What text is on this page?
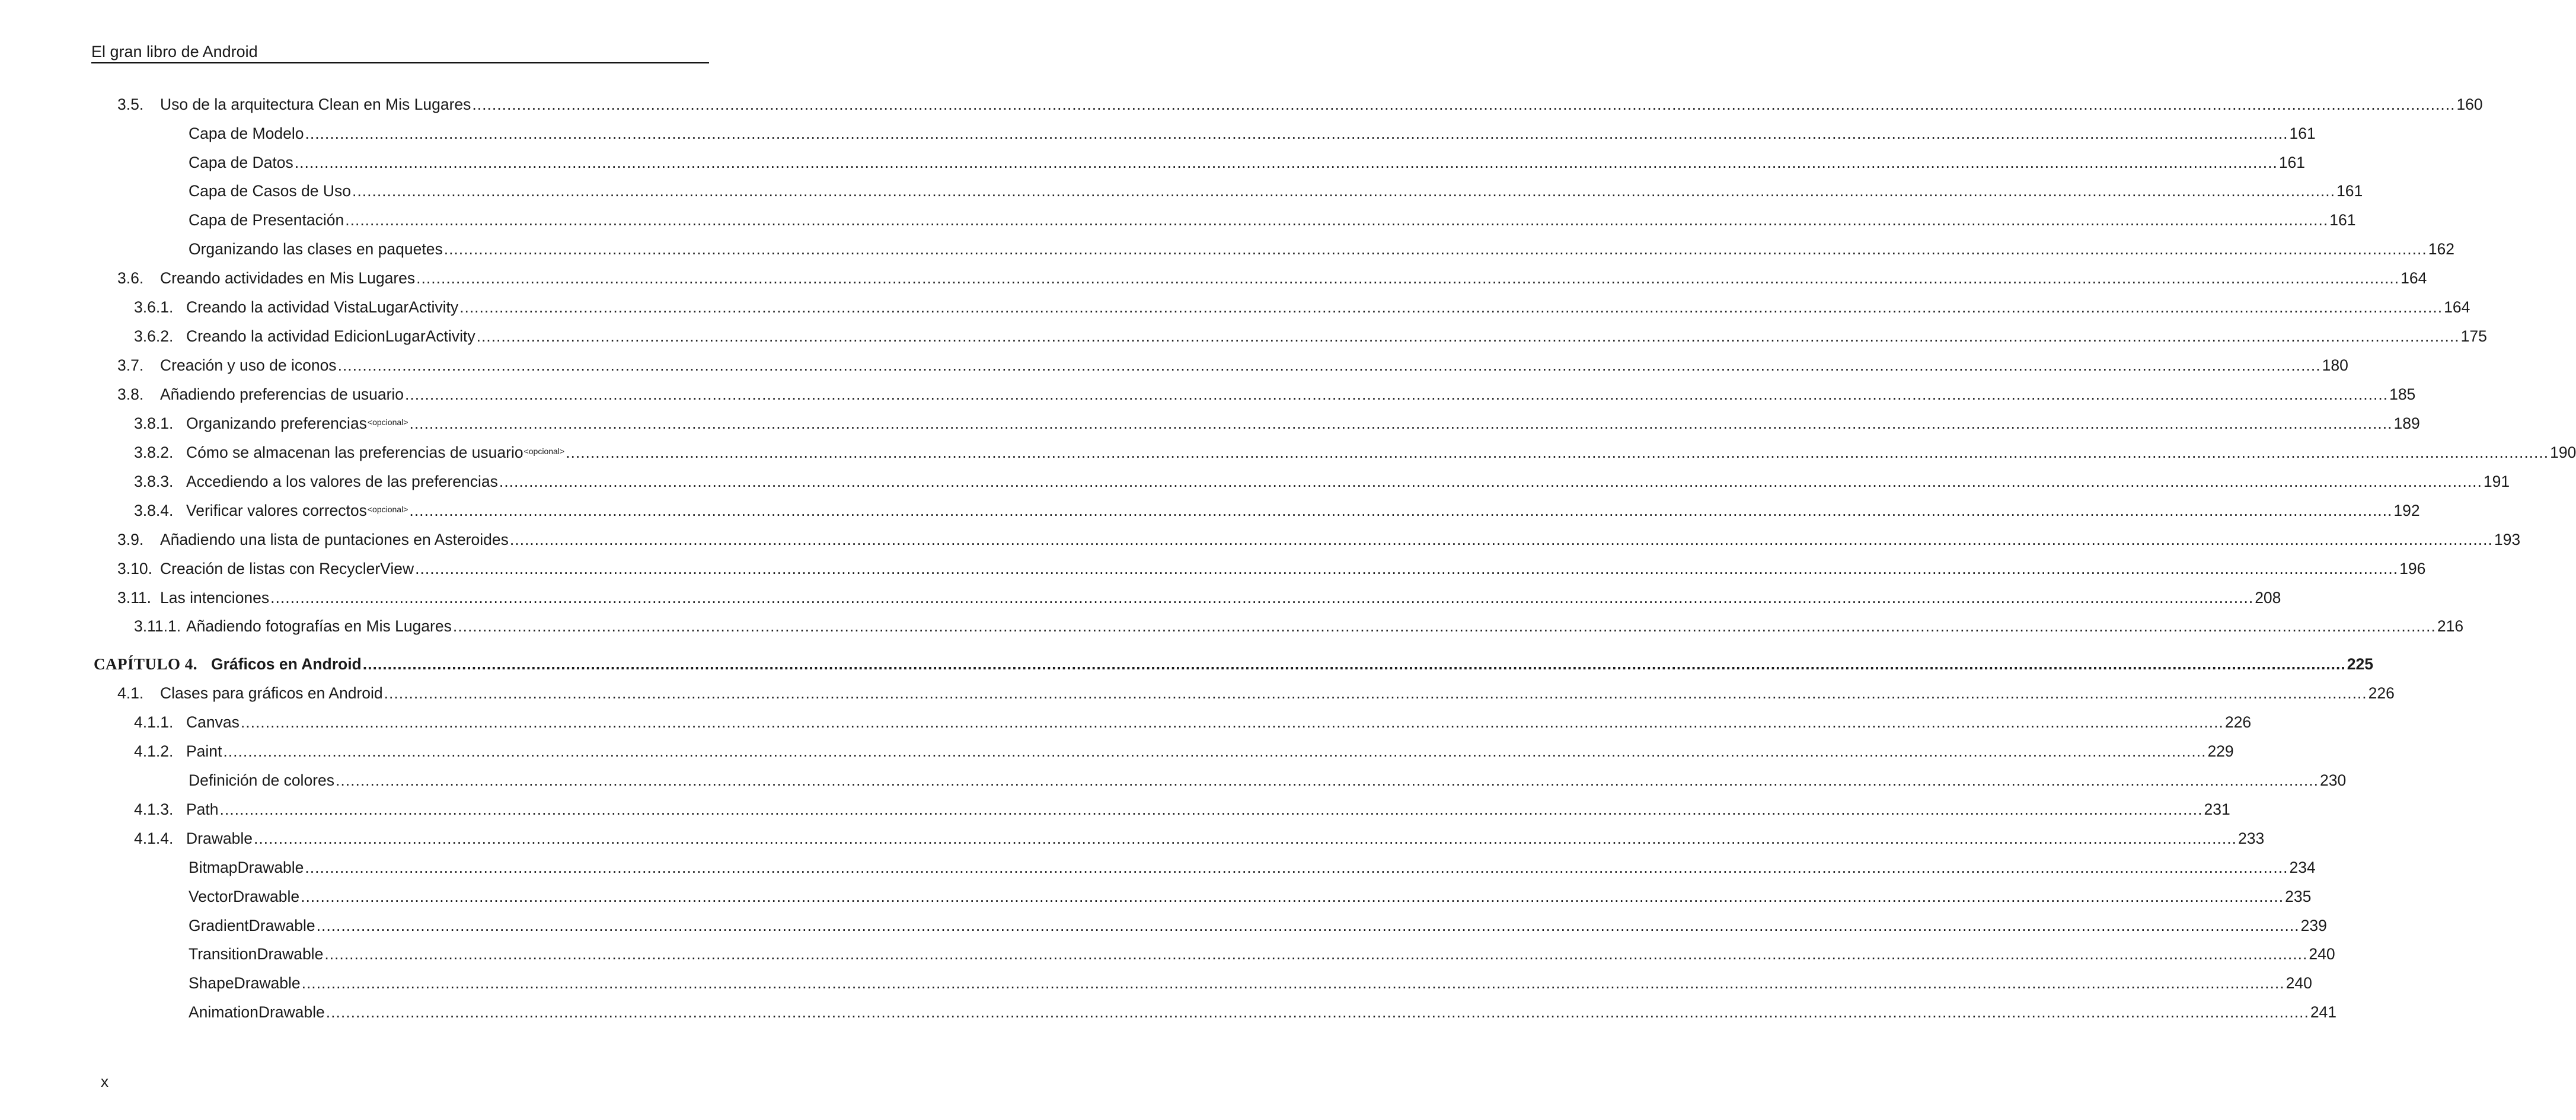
El gran libro de Android
3.5.	Uso de la arquitectura Clean en Mis Lugares ................................................................................................................................................................................................................................................................................................................................................................................................................ 160
Capa de Modelo ................................................................................................................................................................................................................................................................................................................................................................................................................ 161
Capa de Datos ................................................................................................................................................................................................................................................................................................................................................................................................................ 161
Capa de Casos de Uso ................................................................................................................................................................................................................................................................................................................................................................................................................ 161
Capa de Presentación ................................................................................................................................................................................................................................................................................................................................................................................................................ 161
Organizando las clases en paquetes ................................................................................................................................................................................................................................................................................................................................................................................................................ 162
3.6.	Creando actividades en Mis Lugares ................................................................................................................................................................................................................................................................................................................................................................................................................ 164
3.6.1. Creando la actividad VistaLugarActivity ................................................................................................................................................................................................................................................................................................................................................................................................................ 164
3.6.2. Creando la actividad EdicionLugarActivity ................................................................................................................................................................................................................................................................................................................................................................................................................ 175
3.7.	Creación y uso de iconos ................................................................................................................................................................................................................................................................................................................................................................................................................ 180
3.8.	Añadiendo preferencias de usuario ................................................................................................................................................................................................................................................................................................................................................................................................................ 185
3.8.1. Organizando preferencias$^{<opcional>}$ ................................................................................................................................................................................................................................................................................................................................................................................................................ 189
3.8.2. Cómo se almacenan las preferencias de usuario$^{<opcional>}$ ................................................................................................................................................................................................................................................................................................................................................................................................................ 190
3.8.3. Accediendo a los valores de las preferencias ................................................................................................................................................................................................................................................................................................................................................................................................................ 191
3.8.4. Verificar valores correctos$^{<opcional>}$ ................................................................................................................................................................................................................................................................................................................................................................................................................ 192
3.9.	Añadiendo una lista de puntaciones en Asteroides ................................................................................................................................................................................................................................................................................................................................................................................................................ 193
3.10. Creación de listas con RecyclerView ................................................................................................................................................................................................................................................................................................................................................................................................................ 196
3.11. Las intenciones ................................................................................................................................................................................................................................................................................................................................................................................................................ 208
3.11.1. Añadiendo fotografías en Mis Lugares ................................................................................................................................................................................................................................................................................................................................................................................................................ 216
CAPÍTULO 4. Gráficos en Android ................................................................................................................................................................................................................................................................................................................................................................................................................ 225
4.1.	Clases para gráficos en Android ................................................................................................................................................................................................................................................................................................................................................................................................................ 226
4.1.1. Canvas ................................................................................................................................................................................................................................................................................................................................................................................................................ 226
4.1.2. Paint ................................................................................................................................................................................................................................................................................................................................................................................................................ 229
Definición de colores ................................................................................................................................................................................................................................................................................................................................................................................................................ 230
4.1.3. Path ................................................................................................................................................................................................................................................................................................................................................................................................................ 231
4.1.4. Drawable ................................................................................................................................................................................................................................................................................................................................................................................................................ 233
BitmapDrawable ................................................................................................................................................................................................................................................................................................................................................................................................................ 234
VectorDrawable ................................................................................................................................................................................................................................................................................................................................................................................................................ 235
GradientDrawable ................................................................................................................................................................................................................................................................................................................................................................................................................ 239
TransitionDrawable ................................................................................................................................................................................................................................................................................................................................................................................................................ 240
ShapeDrawable ................................................................................................................................................................................................................................................................................................................................................................................................................ 240
AnimationDrawable ................................................................................................................................................................................................................................................................................................................................................................................................................ 241
x
